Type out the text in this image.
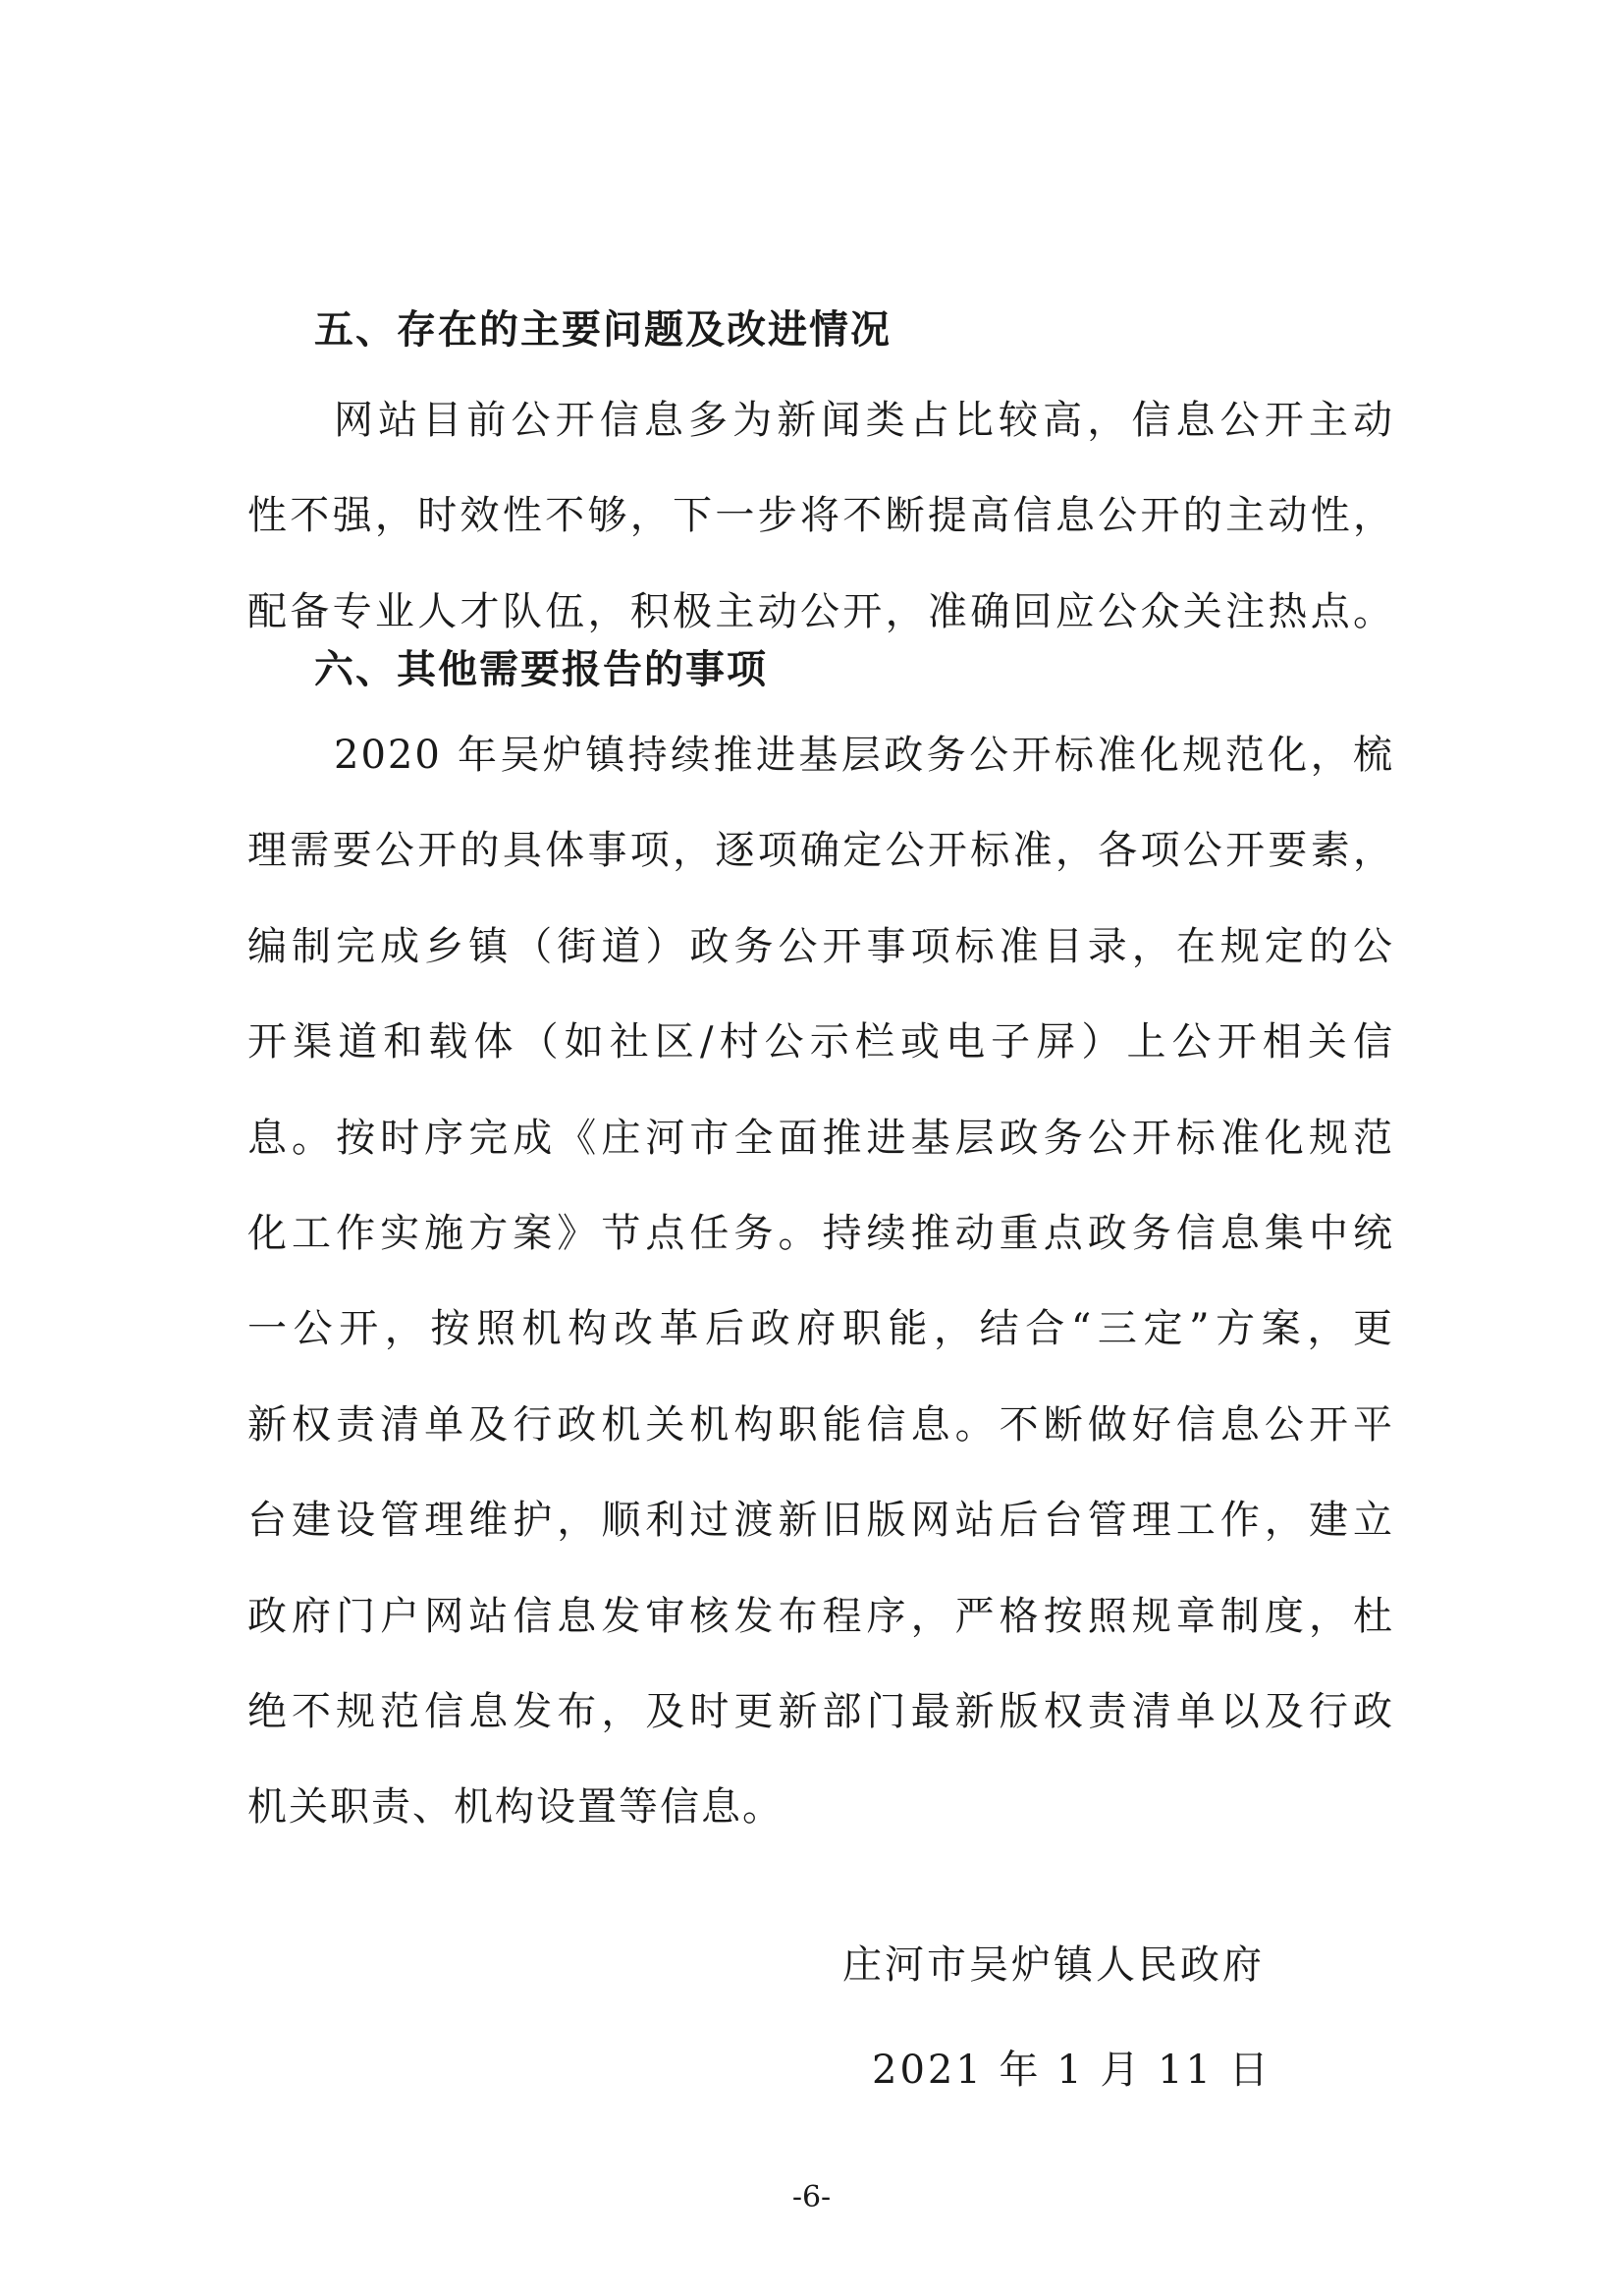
五、存在的主要问题及改进情况
网站目前公开信息多为新闻类占比较高，信息公开主动
性不强，时效性不够，下一步将不断提高信息公开的主动性，
配备专业人才队伍，积极主动公开，准确回应公众关注热点。
六、其他需要报告的事项
2020 年吴炉镇持续推进基层政务公开标准化规范化，梳
理需要公开的具体事项，逐项确定公开标准，各项公开要素，
编制完成乡镇（街道）政务公开事项标准目录，在规定的公
开渠道和载体（如社区/村公示栏或电子屏）上公开相关信
息。按时序完成《庄河市全面推进基层政务公开标准化规范
化工作实施方案》节点任务。持续推动重点政务信息集中统
一公开，按照机构改革后政府职能，结合“三定”方案，更
新权责清单及行政机关机构职能信息。不断做好信息公开平
台建设管理维护，顺利过渡新旧版网站后台管理工作，建立
政府门户网站信息发审核发布程序，严格按照规章制度，杜
绝不规范信息发布，及时更新部门最新版权责清单以及行政
机关职责、机构设置等信息。

庄河市吴炉镇人民政府

2021 年 1 月 11 日

-6-
